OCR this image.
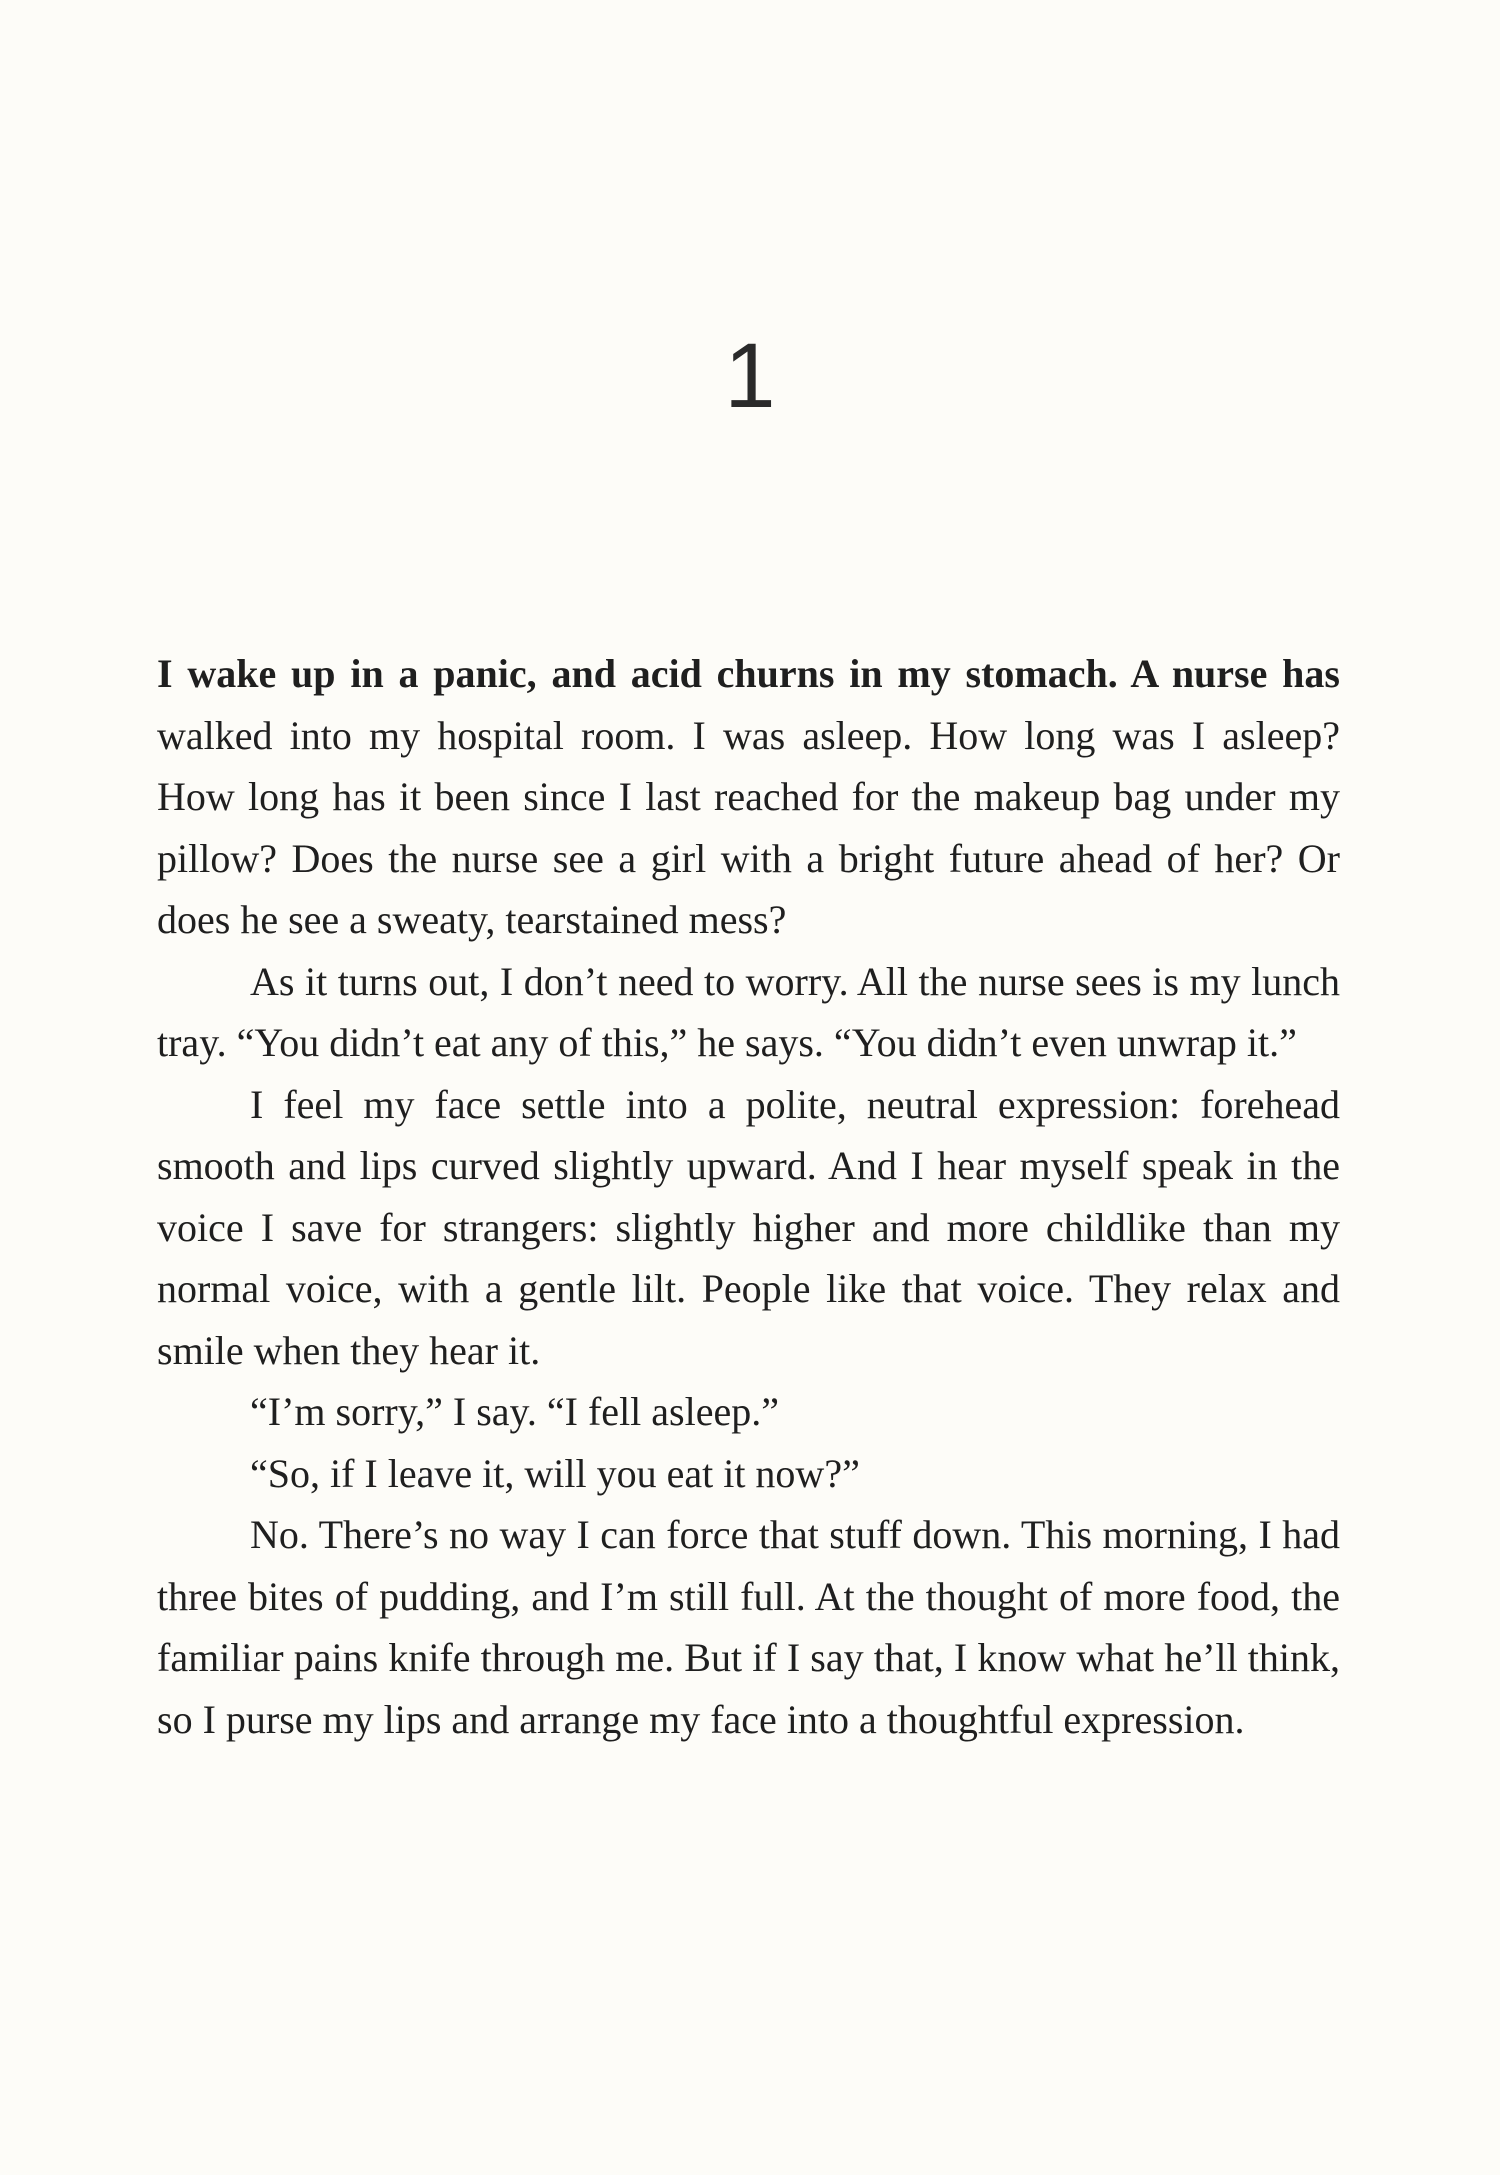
1

I wake up in a panic, and acid churns in my stomach. A nurse has walked into my hospital room. I was asleep. How long was I asleep? How long has it been since I last reached for the makeup bag under my pillow? Does the nurse see a girl with a bright future ahead of her? Or does he see a sweaty, tearstained mess?

As it turns out, I don’t need to worry. All the nurse sees is my lunch tray. “You didn’t eat any of this,” he says. “You didn’t even unwrap it.”

I feel my face settle into a polite, neutral expression: forehead smooth and lips curved slightly upward. And I hear myself speak in the voice I save for strangers: slightly higher and more childlike than my normal voice, with a gentle lilt. People like that voice. They relax and smile when they hear it.

“I’m sorry,” I say. “I fell asleep.”

“So, if I leave it, will you eat it now?”

No. There’s no way I can force that stuff down. This morning, I had three bites of pudding, and I’m still full. At the thought of more food, the familiar pains knife through me. But if I say that, I know what he’ll think, so I purse my lips and arrange my face into a thoughtful expression.
